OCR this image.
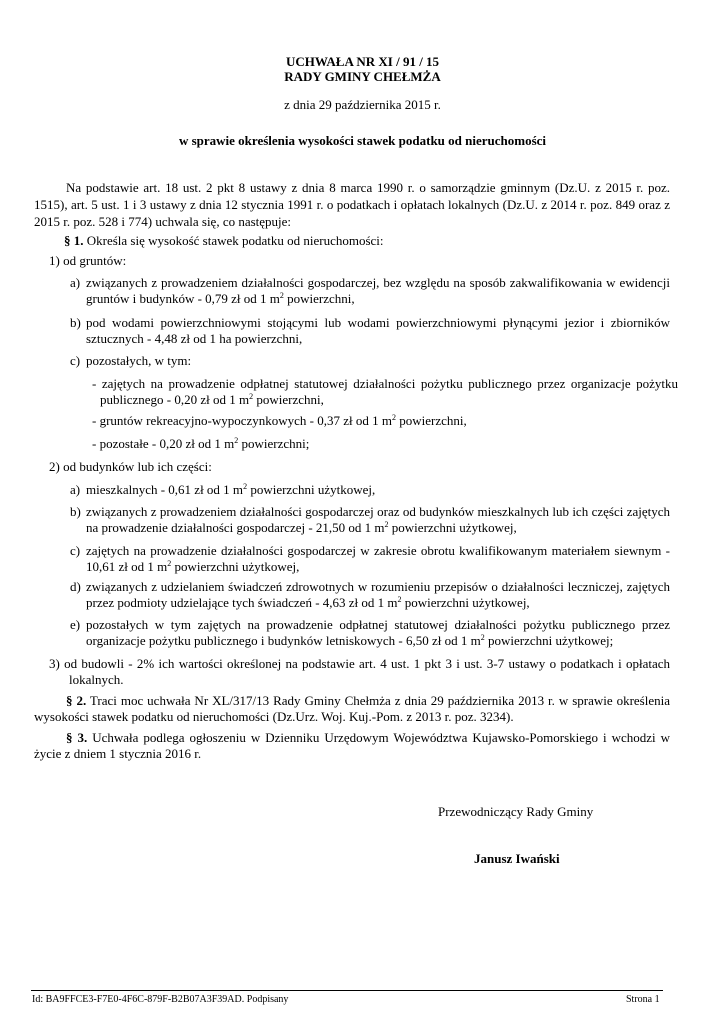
UCHWAŁA NR XI / 91 / 15
RADY GMINY CHEŁMŻA
z dnia 29 października 2015 r.
w sprawie określenia wysokości stawek podatku od nieruchomości
Na podstawie art. 18 ust. 2 pkt 8 ustawy z dnia 8 marca 1990 r. o samorządzie gminnym (Dz.U. z 2015 r. poz. 1515), art. 5 ust. 1 i 3 ustawy z dnia 12 stycznia 1991 r. o podatkach i opłatach lokalnych (Dz.U. z 2014 r. poz. 849 oraz z 2015 r. poz. 528 i 774) uchwala się, co następuje:
§ 1. Określa się wysokość stawek podatku od nieruchomości:
1) od gruntów:
a) związanych z prowadzeniem działalności gospodarczej, bez względu na sposób zakwalifikowania w ewidencji gruntów i budynków - 0,79 zł od 1 $m^2$ powierzchni,
b) pod wodami powierzchniowymi stojącymi lub wodami powierzchniowymi płynącymi jezior i zbiorników sztucznych - 4,48 zł od 1 ha powierzchni,
c) pozostałych, w tym:
- zajętych na prowadzenie odpłatnej statutowej działalności pożytku publicznego przez organizacje pożytku publicznego - 0,20 zł od 1 $m^2$ powierzchni,
- gruntów rekreacyjno-wypoczynkowych - 0,37 zł od 1 $m^2$ powierzchni,
- pozostałe - 0,20 zł od 1 $m^2$ powierzchni;
2) od budynków lub ich części:
a) mieszkalnych - 0,61 zł od 1 $m^2$ powierzchni użytkowej,
b) związanych z prowadzeniem działalności gospodarczej oraz od budynków mieszkalnych lub ich części zajętych na prowadzenie działalności gospodarczej - 21,50 od 1 $m^2$ powierzchni użytkowej,
c) zajętych na prowadzenie działalności gospodarczej w zakresie obrotu kwalifikowanym materiałem siewnym - 10,61 zł od 1 $m^2$ powierzchni użytkowej,
d) związanych z udzielaniem świadczeń zdrowotnych w rozumieniu przepisów o działalności leczniczej, zajętych przez podmioty udzielające tych świadczeń - 4,63 zł od 1 $m^2$ powierzchni użytkowej,
e) pozostałych w tym zajętych na prowadzenie odpłatnej statutowej działalności pożytku publicznego przez organizacje pożytku publicznego i budynków letniskowych - 6,50 zł od 1 $m^2$ powierzchni użytkowej;
3) od budowli - 2% ich wartości określonej na podstawie art. 4 ust. 1 pkt 3 i ust. 3-7 ustawy o podatkach i opłatach lokalnych.
§ 2. Traci moc uchwała Nr XL/317/13 Rady Gminy Chełmża z dnia 29 października 2013 r. w sprawie określenia wysokości stawek podatku od nieruchomości (Dz.Urz. Woj. Kuj.-Pom. z 2013 r. poz. 3234).
§ 3. Uchwała podlega ogłoszeniu w Dzienniku Urzędowym Województwa Kujawsko-Pomorskiego i wchodzi w życie z dniem 1 stycznia 2016 r.
Przewodniczący Rady Gminy
Janusz Iwański
Id: BA9FFCE3-F7E0-4F6C-879F-B2B07A3F39AD. Podpisany	Strona 1
